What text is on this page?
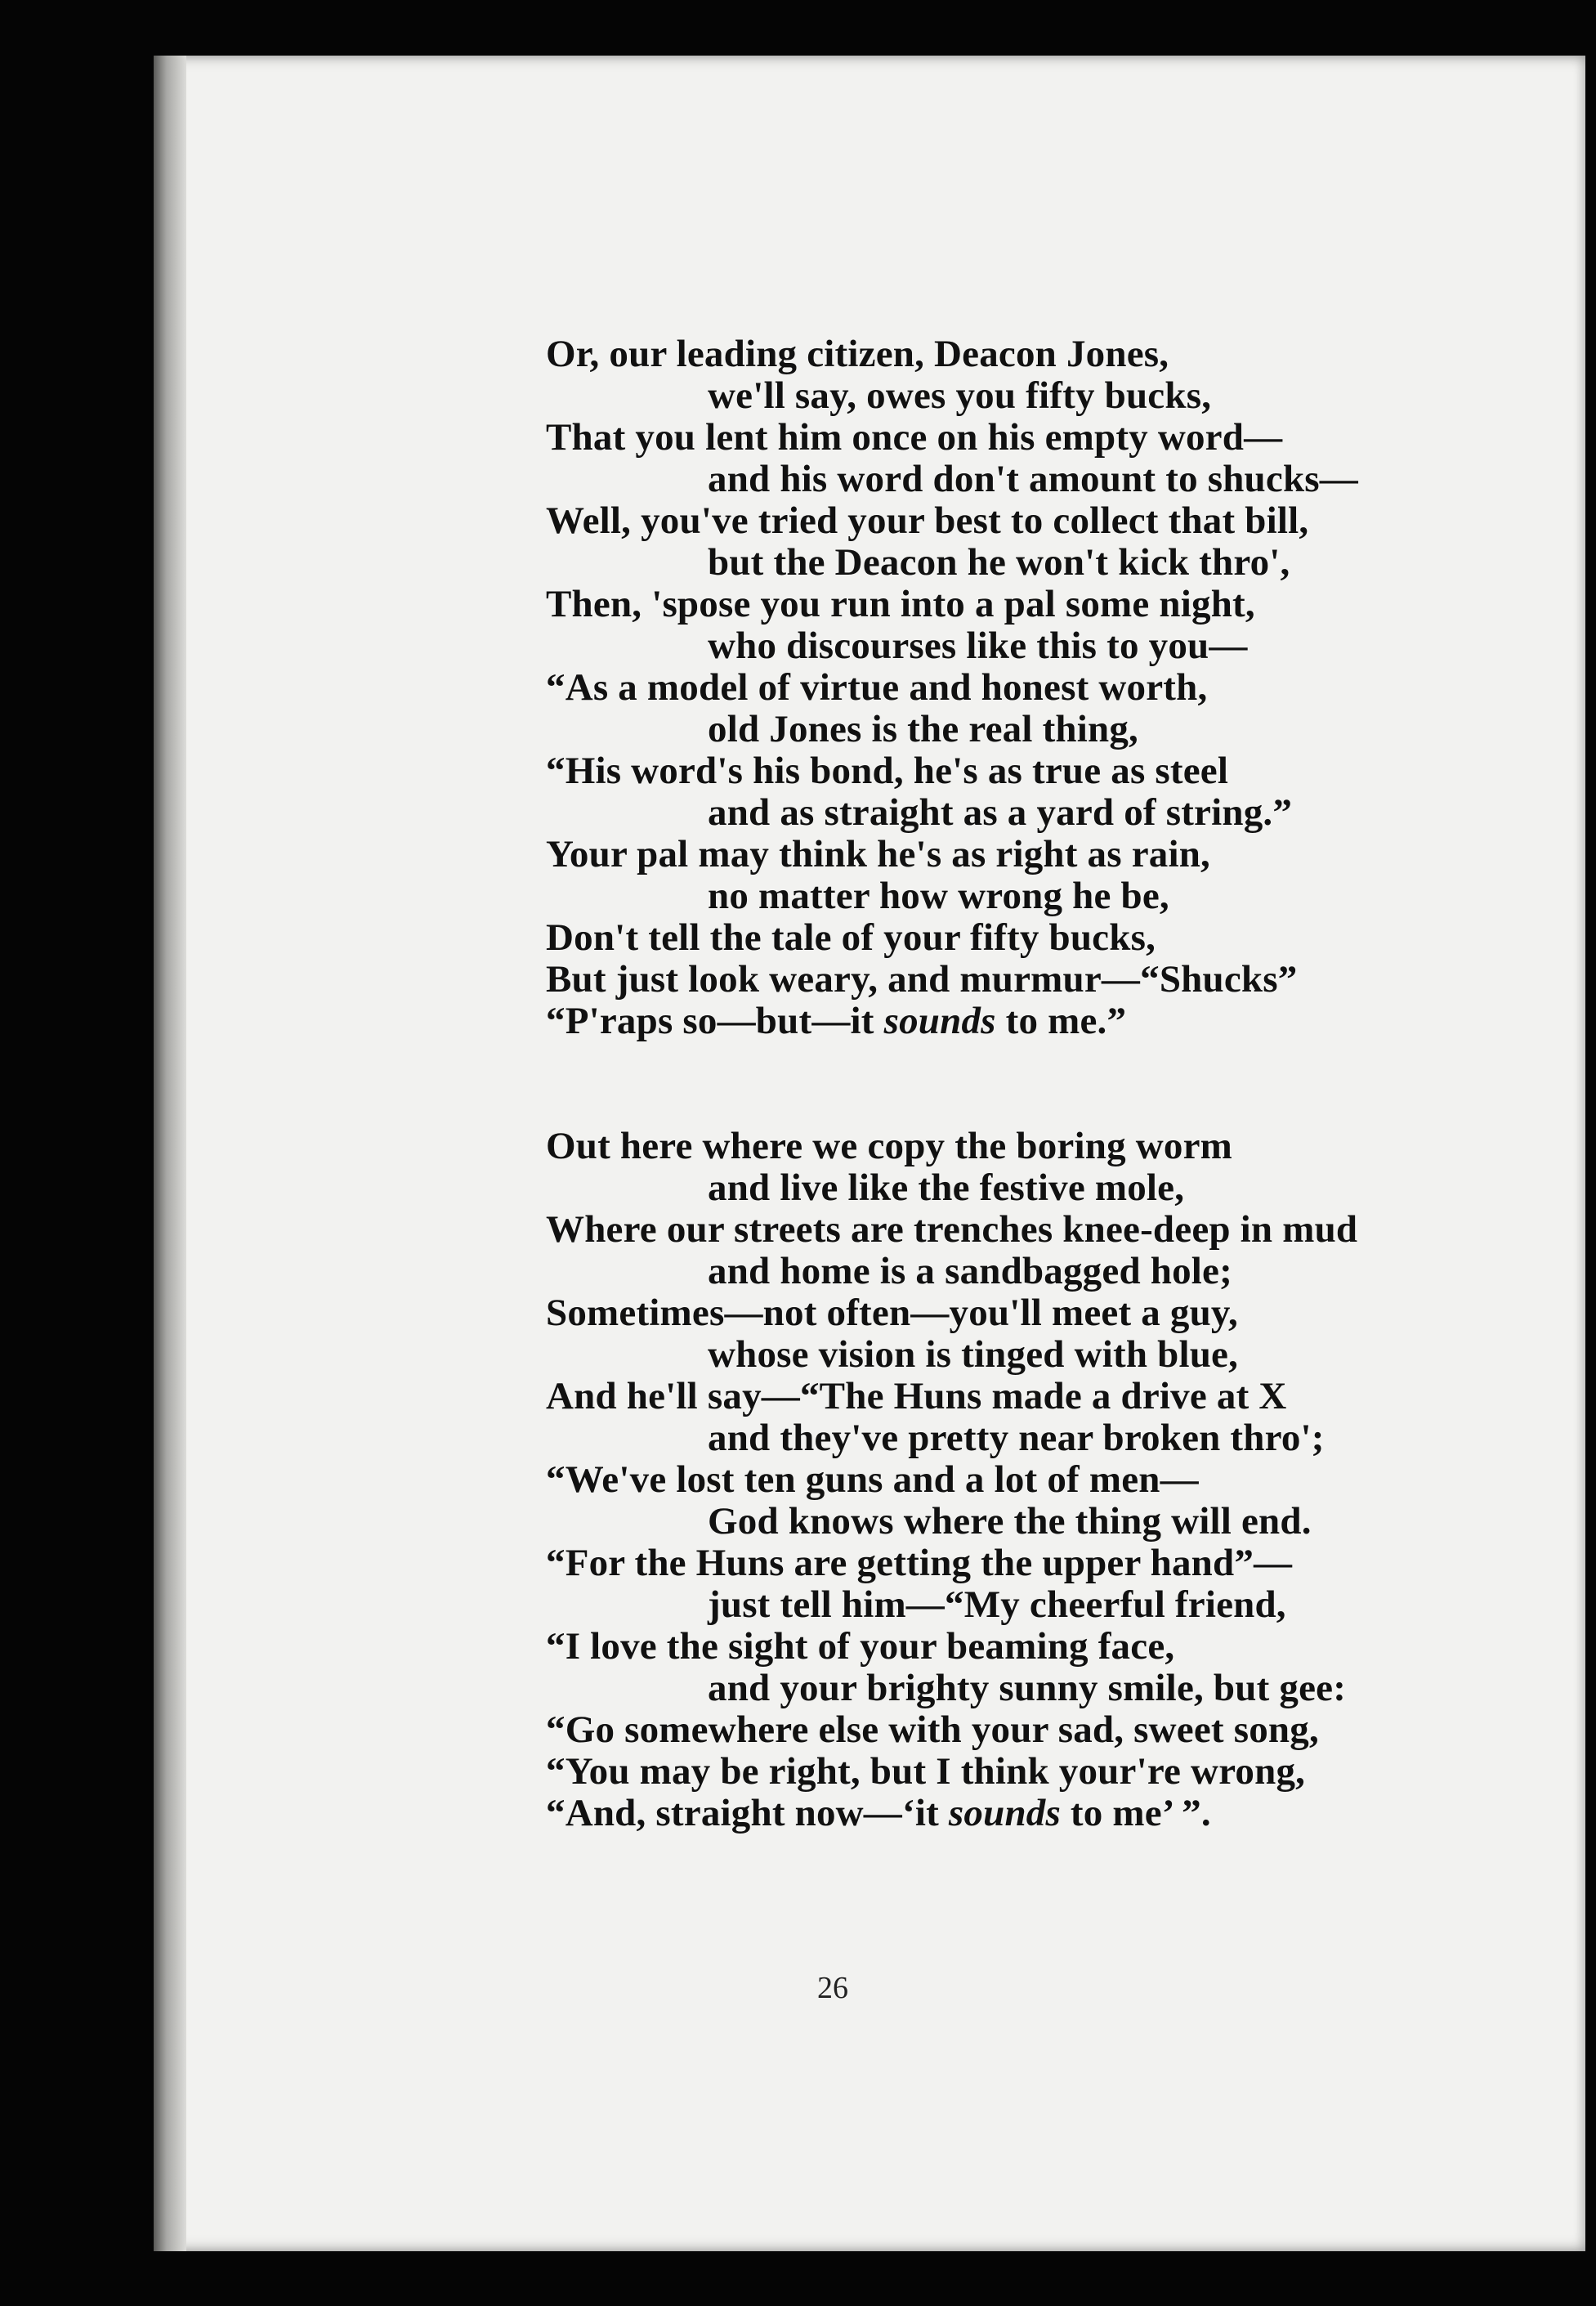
Or, our leading citizen, Deacon Jones,
we'll say, owes you fifty bucks,
That you lent him once on his empty word—
and his word don't amount to shucks—
Well, you've tried your best to collect that bill,
but the Deacon he won't kick thro',
Then, 'spose you run into a pal some night,
who discourses like this to you—
“As a model of virtue and honest worth,
old Jones is the real thing,
“His word's his bond, he's as true as steel
and as straight as a yard of string.”
Your pal may think he's as right as rain,
no matter how wrong he be,
Don't tell the tale of your fifty bucks,
But just look weary, and murmur—“Shucks”
“P'raps so—but—it sounds to me.”
Out here where we copy the boring worm
and live like the festive mole,
Where our streets are trenches knee-deep in mud
and home is a sandbagged hole;
Sometimes—not often—you'll meet a guy,
whose vision is tinged with blue,
And he'll say—“The Huns made a drive at X
and they've pretty near broken thro';
“We've lost ten guns and a lot of men—
God knows where the thing will end.
“For the Huns are getting the upper hand”—
just tell him—“My cheerful friend,
“I love the sight of your beaming face,
and your brighty sunny smile, but gee:
“Go somewhere else with your sad, sweet song,
“You may be right, but I think your're wrong,
“And, straight now—‘it sounds to me’ ”.
26
